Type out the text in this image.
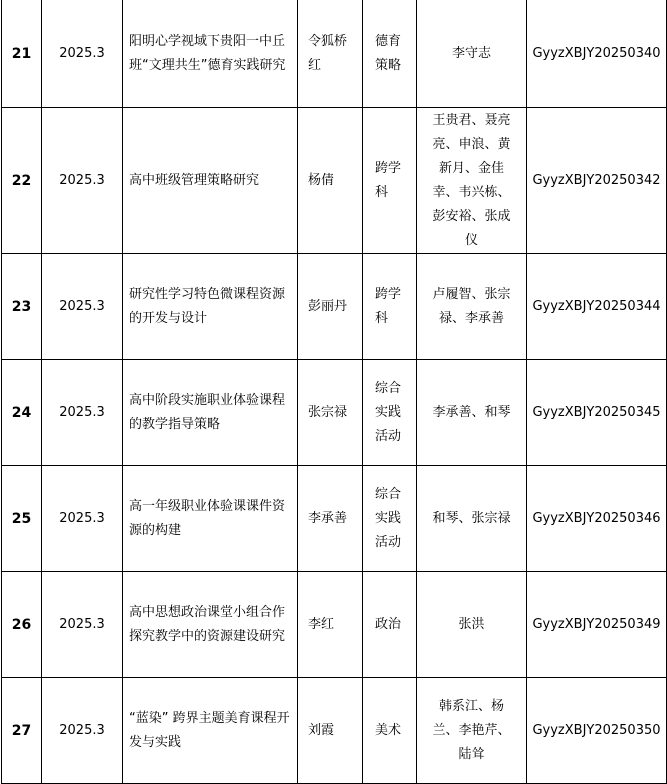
21	2025.3	阳明心学视域下贵阳一中丘班“文理共生”德育实践研究	令狐桥红	德育策略	李守志	GyyzXBJY20250340
22	2025.3	高中班级管理策略研究	杨倩	跨学科	王贵君、聂亮亮、申浪、黄新月、金佳幸、韦兴栋、彭安裕、张成仪	GyyzXBJY20250342
23	2025.3	研究性学习特色微课程资源的开发与设计	彭丽丹	跨学科	卢履智、张宗禄、李承善	GyyzXBJY20250344
24	2025.3	高中阶段实施职业体验课程的教学指导策略	张宗禄	综合实践活动	李承善、和琴	GyyzXBJY20250345
25	2025.3	高一年级职业体验课课件资源的构建	李承善	综合实践活动	和琴、张宗禄	GyyzXBJY20250346
26	2025.3	高中思想政治课堂小组合作探究教学中的资源建设研究	李红	政治	张洪	GyyzXBJY20250349
27	2025.3	“蓝染” 跨界主题美育课程开发与实践	刘霞	美术	韩系江、杨兰、李艳芹、陆耸	GyyzXBJY20250350
